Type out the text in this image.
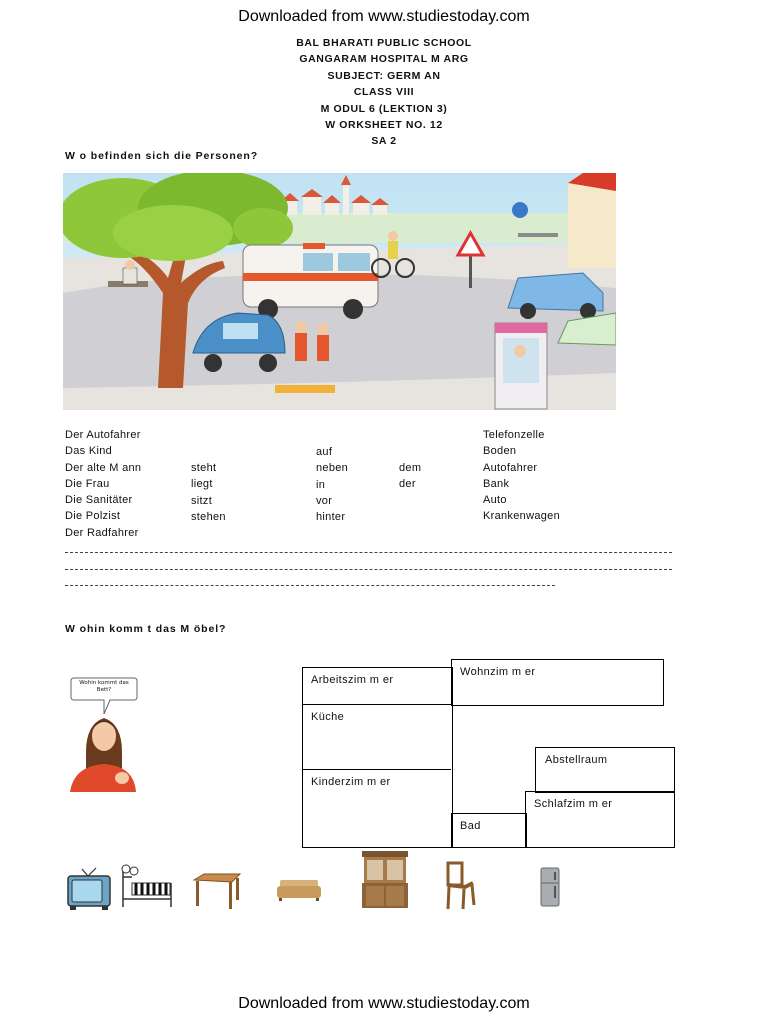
Downloaded from www.studiestoday.com
Downloaded from www.studiestoday.com
BAL BHARATI PUBLIC SCHOOL
GANGARAM HOSPITAL M ARG
SUBJECT: GERM AN
CLASS VIII
M ODUL 6 (LEKTION 3)
W ORKSHEET NO. 12
SA 2
W o befinden sich die Personen?
Der Autofahrer
Das Kind
Der alte M ann
Die Frau
Die Sanitäter
Die Polzist
Der Radfahrer
steht
liegt
sitzt
stehen
auf
neben
in
vor
hinter
dem
der
Telefonzelle
Boden
Autofahrer
Bank
Auto
Krankenwagen
W ohin komm t das M öbel?
Wohin kommt das Bett?
Arbeitszim m er
Wohnzim m er
Küche
Abstellraum
Kinderzim m er
Schlafzim m er
Bad
